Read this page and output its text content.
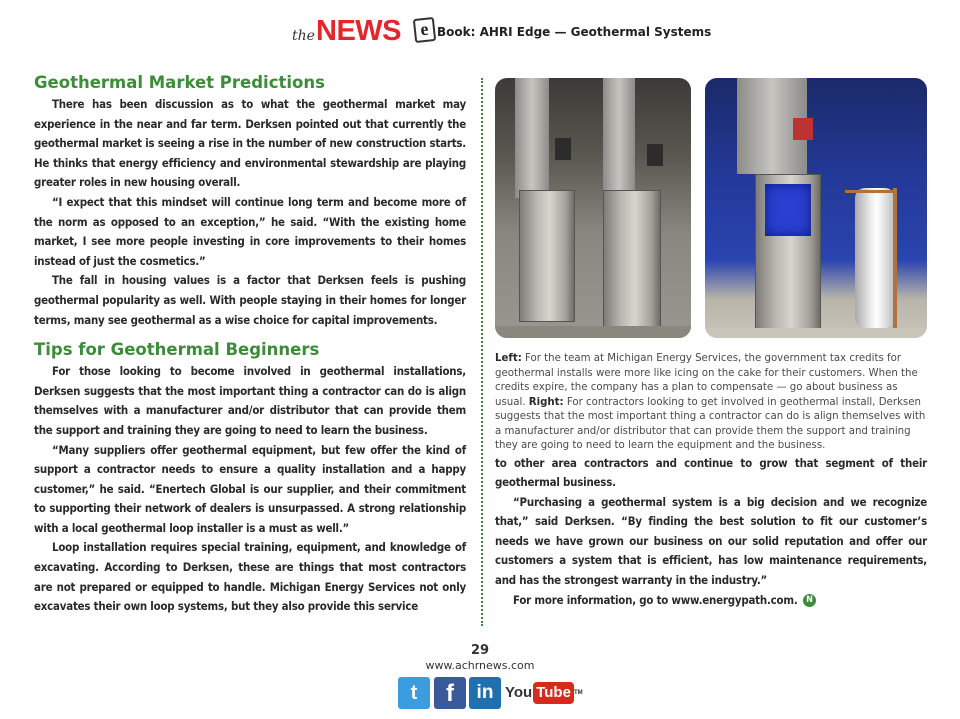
the NEWS	e Book: AHRI Edge — Geothermal Systems
Geothermal Market Predictions

There has been discussion as to what the geothermal market may experience in the near and far term. Derksen pointed out that currently the geothermal market is seeing a rise in the number of new construction starts. He thinks that energy efficiency and environmental stewardship are playing greater roles in new housing overall.

“I expect that this mindset will continue long term and become more of the norm as opposed to an exception,” he said. “With the existing home market, I see more people investing in core improvements to their homes instead of just the cosmetics.”

The fall in housing values is a factor that Derksen feels is pushing geothermal popularity as well. With people staying in their homes for longer terms, many see geothermal as a wise choice for capital improvements.

Tips for Geothermal Beginners

For those looking to become involved in geothermal installations, Derksen suggests that the most important thing a contractor can do is align themselves with a manufacturer and/or distributor that can provide them the support and training they are going to need to learn the business.

“Many suppliers offer geothermal equipment, but few offer the kind of support a contractor needs to ensure a quality installation and a happy customer,” he said. “Enertech Global is our supplier, and their commitment to supporting their network of dealers is unsurpassed. A strong relationship with a local geothermal loop installer is a must as well.”

Loop installation requires special training, equipment, and knowledge of excavating. According to Derksen, these are things that most contractors are not prepared or equipped to handle. Michigan Energy Services not only excavates their own loop systems, but they also provide this service

Left: For the team at Michigan Energy Services, the government tax credits for geothermal installs were more like icing on the cake for their customers. When the credits expire, the company has a plan to compensate — go about business as usual. Right: For contractors looking to get involved in geothermal install, Derksen suggests that the most important thing a contractor can do is align themselves with a manufacturer and/or distributor that can provide them the support and training they are going to need to learn the equipment and the business.

to other area contractors and continue to grow that segment of their geothermal business.

“Purchasing a geothermal system is a big decision and we recognize that,” said Derksen. “By finding the best solution to fit our customer’s needs we have grown our business on our solid reputation and offer our customers a system that is efficient, has low maintenance requirements, and has the strongest warranty in the industry.”

For more information, go to www.energypath.com. N

29
www.achrnews.com
t	f	in You Tube ™
